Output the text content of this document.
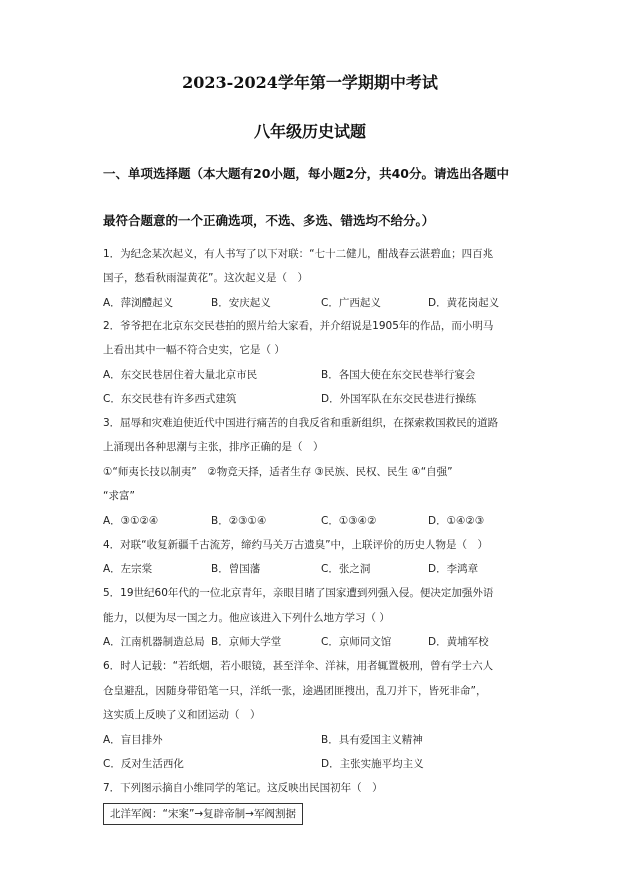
2023-2024学年第一学期期中考试
八年级历史试题
一、单项选择题（本大题有20小题，每小题2分，共40分。请选出各题中
最符合题意的一个正确选项，不选、多选、错选均不给分。）
1．为纪念某次起义，有人书写了以下对联：“七十二健儿，酣战春云湛碧血；四百兆
国子，愁看秋雨湿黄花”。这次起义是（　）
A．萍浏醴起义	B．安庆起义	C．广西起义	D．黄花岗起义
2．爷爷把在北京东交民巷拍的照片给大家看，并介绍说是1905年的作品，而小明马
上看出其中一幅不符合史实，它是（ ）
A．东交民巷居住着大量北京市民	B．各国大使在东交民巷举行宴会
C．东交民巷有许多西式建筑	D．外国军队在东交民巷进行操练
3．屈辱和灾难迫使近代中国进行痛苦的自我反省和重新组织，在探索救国救民的道路
上涌现出各种思潮与主张，排序正确的是（　）
①“师夷长技以制夷”　②物竞天择，适者生存 ③民族、民权、民生 ④“自强”
“求富”
A．③①②④	B．②③①④	C．①③④②	D．①④②③
4．对联“收复新疆千古流芳，缔约马关万古遗臭”中，上联评价的历史人物是（　）
A．左宗棠	B．曾国藩	C．张之洞	D．李鸿章
5．19世纪60年代的一位北京青年，亲眼目睹了国家遭到列强入侵。便决定加强外语
能力，以便为尽一国之力。他应该进入下列什么地方学习（ ）
A．江南机器制造总局 B．京师大学堂	C．京师同文馆	D．黄埔军校
6．时人记载：“若纸烟，若小眼镜，甚至洋伞、洋袜，用者辄置极刑，曾有学士六人
仓皇避乱，因随身带铅笔一只，洋纸一张，途遇团匪搜出，乱刀并下，皆死非命”，
这实质上反映了义和团运动（　）
A．盲目排外	B．具有爱国主义精神
C．反对生活西化	D．主张实施平均主义
7．下列图示摘自小维同学的笔记。这反映出民国初年（　）
北洋军阀：“宋案”→复辟帝制→军阀割据
